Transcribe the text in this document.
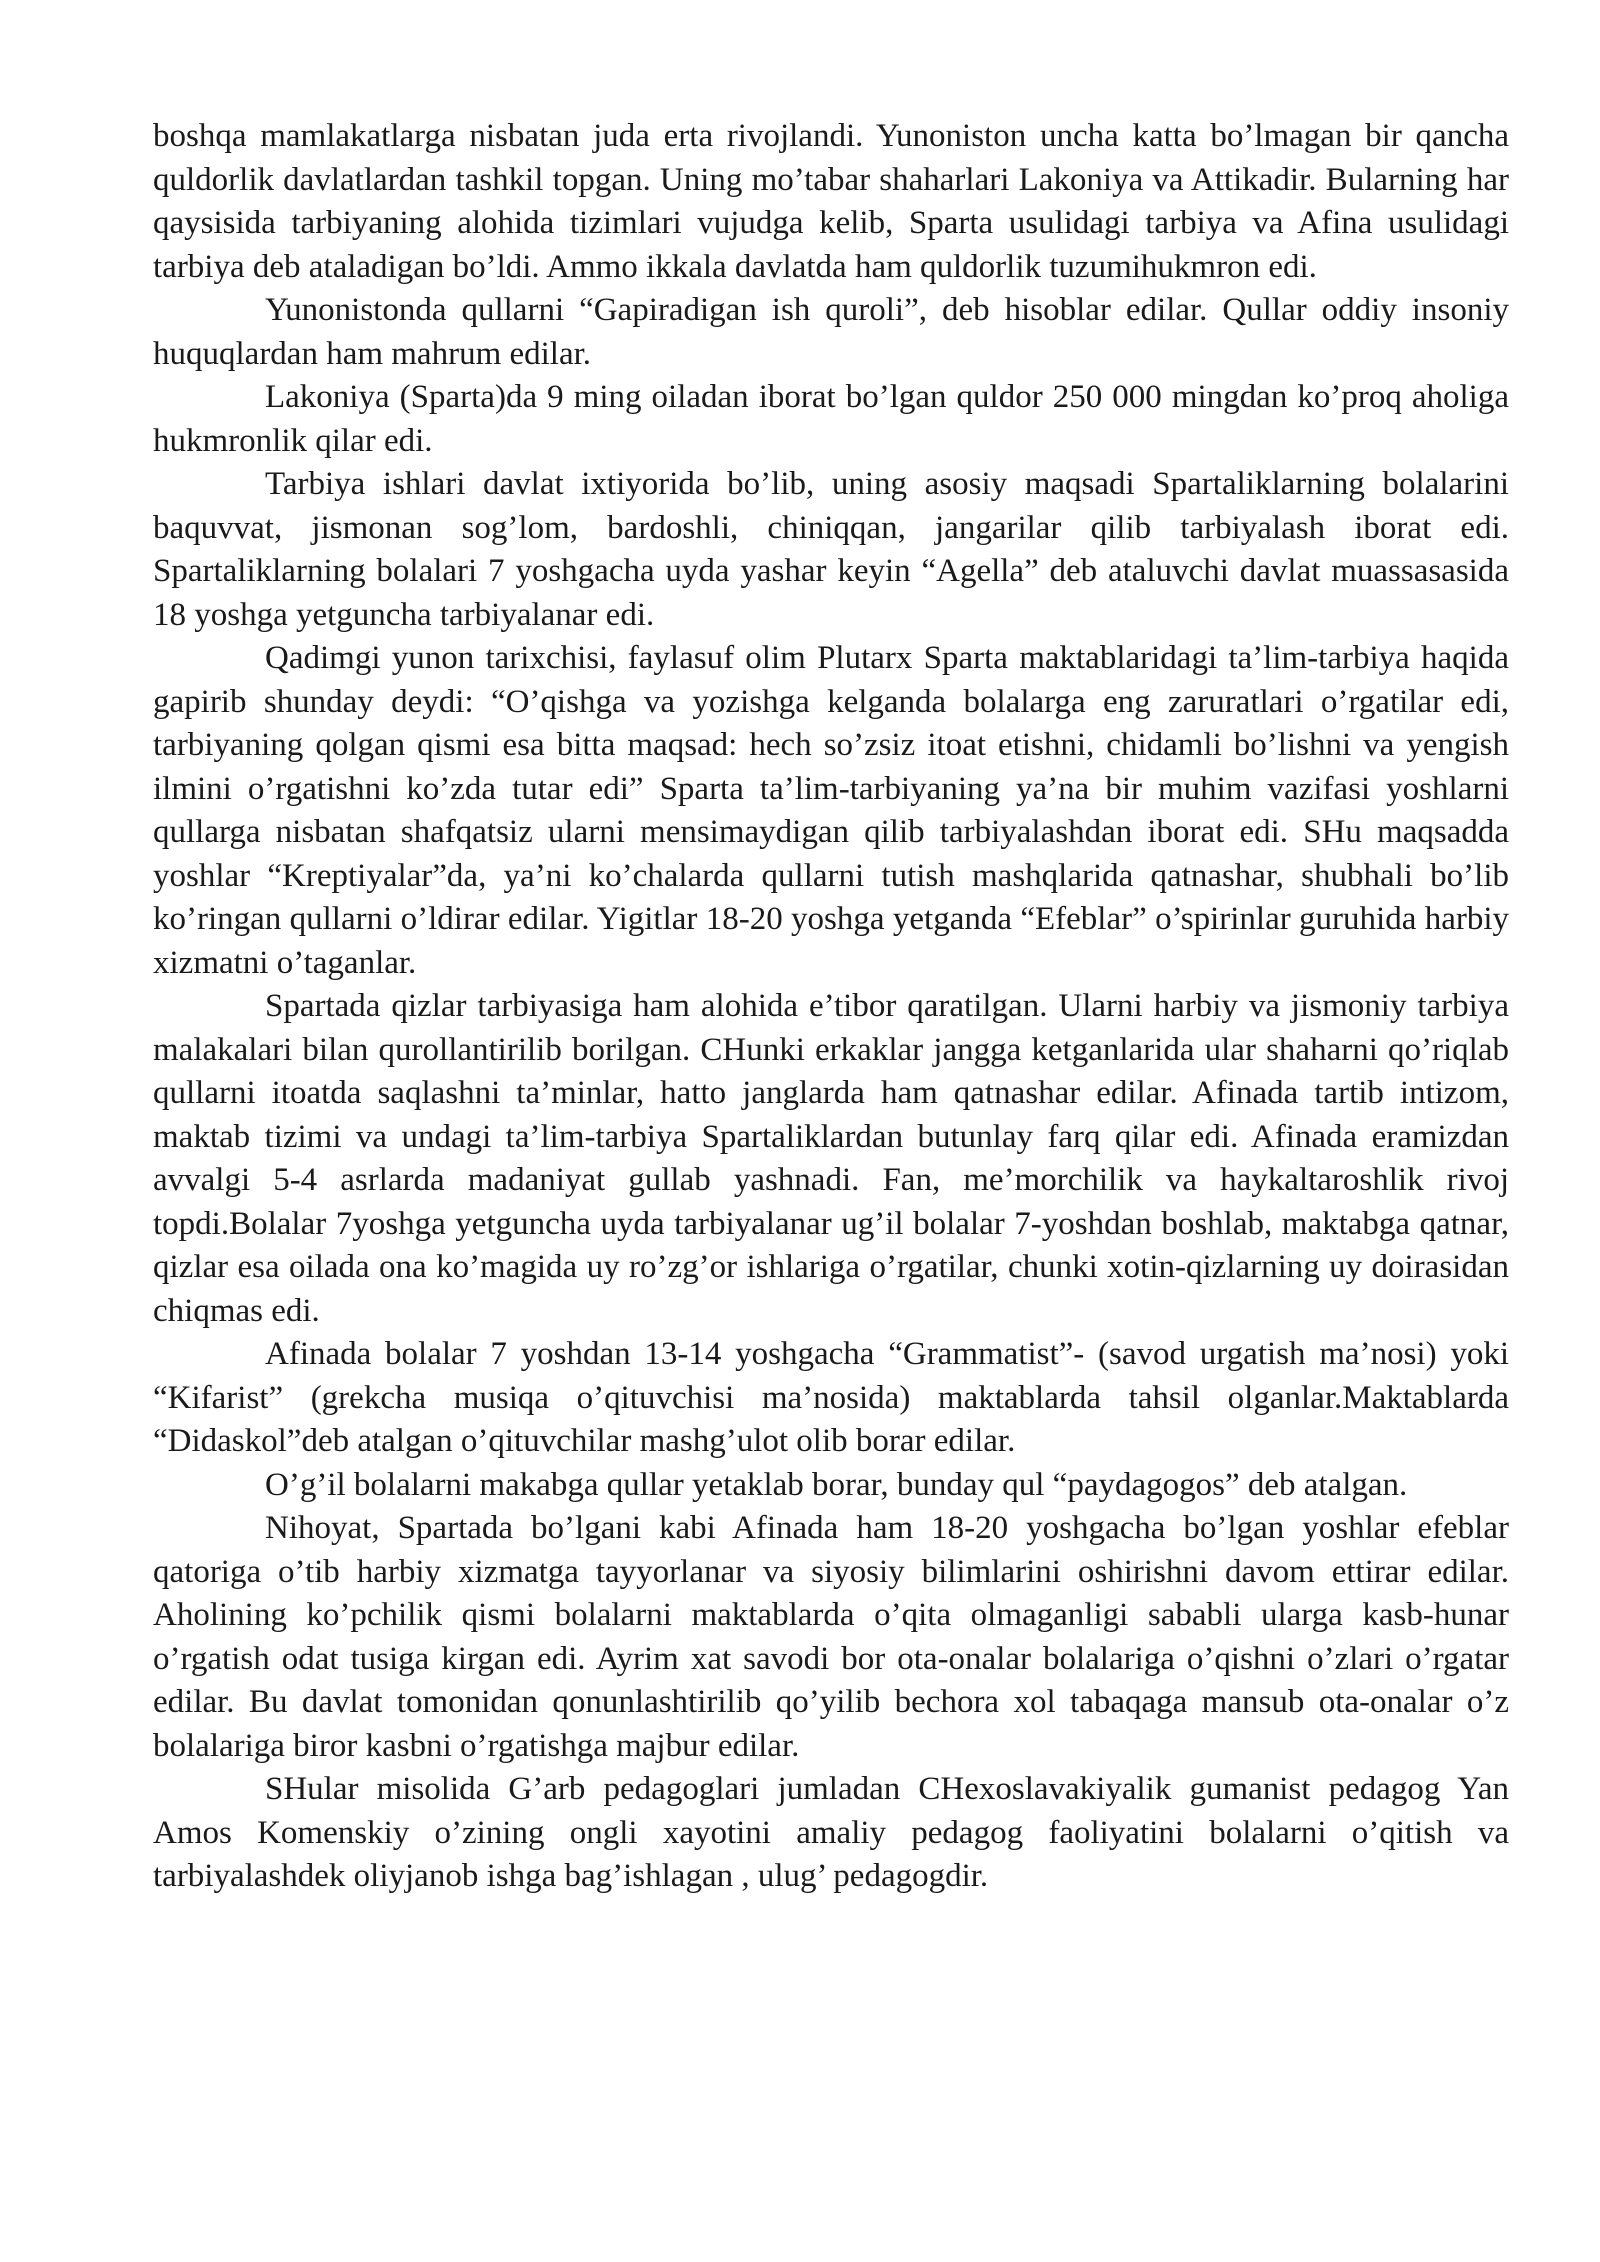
boshqa mamlakatlarga nisbatan juda erta rivojlandi. Yunoniston uncha katta bo’lmagan bir qancha quldorlik davlatlardan tashkil topgan. Uning mo’tabar shaharlari Lakoniya va Attikadir. Bularning har qaysisida tarbiyaning alohida tizimlari vujudga kelib, Sparta usulidagi tarbiya va Afina usulidagi tarbiya deb ataladigan bo’ldi. Ammo ikkala davlatda ham quldorlik tuzumihukmron edi.

Yunonistonda qullarni “Gapiradigan ish quroli”, deb hisoblar edilar. Qullar oddiy insoniy huquqlardan ham mahrum edilar.

Lakoniya (Sparta)da 9 ming oiladan iborat bo’lgan quldor 250 000 mingdan ko’proq aholiga hukmronlik qilar edi.

Tarbiya ishlari davlat ixtiyorida bo’lib, uning asosiy maqsadi Spartaliklarning bolalarini baquvvat, jismonan sog’lom, bardoshli, chiniqqan, jangarilar qilib tarbiyalash iborat edi. Spartaliklarning bolalari 7 yoshgacha uyda yashar keyin “Agella” deb ataluvchi davlat muassasasida 18 yoshga yetguncha tarbiyalanar edi.

Qadimgi yunon tarixchisi, faylasuf olim Plutarx Sparta maktablaridagi ta’lim-tarbiya haqida gapirib shunday deydi: “O’qishga va yozishga kelganda bolalarga eng zaruratlari o’rgatilar edi, tarbiyaning qolgan qismi esa bitta maqsad: hech so’zsiz itoat etishni, chidamli bo’lishni va yengish ilmini o’rgatishni ko’zda tutar edi” Sparta ta’lim-tarbiyaning ya’na bir muhim vazifasi yoshlarni qullarga nisbatan shafqatsiz ularni mensimaydigan qilib tarbiyalashdan iborat edi. SHu maqsadda yoshlar “Kreptiyalar”da, ya’ni ko’chalarda qullarni tutish mashqlarida qatnashar, shubhali bo’lib ko’ringan qullarni o’ldirar edilar. Yigitlar 18-20 yoshga yetganda “Efeblar” o’spirinlar guruhida harbiy xizmatni o’taganlar.

Spartada qizlar tarbiyasiga ham alohida e’tibor qaratilgan. Ularni harbiy va jismoniy tarbiya malakalari bilan qurollantirilib borilgan. CHunki erkaklar jangga ketganlarida ular shaharni qo’riqlab qullarni itoatda saqlashni ta’minlar, hatto janglarda ham qatnashar edilar. Afinada tartib intizom, maktab tizimi va undagi ta’lim-tarbiya Spartaliklardan butunlay farq qilar edi. Afinada eramizdan avvalgi 5-4 asrlarda madaniyat gullab yashnadi. Fan, me’morchilik va haykaltaroshlik rivoj topdi.Bolalar 7yoshga yetguncha uyda tarbiyalanar ug’il bolalar 7-yoshdan boshlab, maktabga qatnar, qizlar esa oilada ona ko’magida uy ro’zg’or ishlariga o’rgatilar, chunki xotin-qizlarning uy doirasidan chiqmas edi.

Afinada bolalar 7 yoshdan 13-14 yoshgacha “Grammatist”- (savod urgatish ma’nosi) yoki “Kifarist” (grekcha musiqa o’qituvchisi ma’nosida) maktablarda tahsil olganlar.Maktablarda “Didaskol”deb atalgan o’qituvchilar mashg’ulot olib borar edilar.

O’g’il bolalarni makabga qullar yetaklab borar, bunday qul “paydagogos” deb atalgan.

Nihoyat, Spartada bo’lgani kabi Afinada ham 18-20 yoshgacha bo’lgan yoshlar efeblar qatoriga o’tib harbiy xizmatga tayyorlanar va siyosiy bilimlarini oshirishni davom ettirar edilar. Aholining ko’pchilik qismi bolalarni maktablarda o’qita olmaganligi sababli ularga kasb-hunar o’rgatish odat tusiga kirgan edi. Ayrim xat savodi bor ota-onalar bolalariga o’qishni o’zlari o’rgatar edilar. Bu davlat tomonidan qonunlashtirilib qo’yilib bechora xol tabaqaga mansub ota-onalar o’z bolalariga biror kasbni o’rgatishga majbur edilar.

SHular misolida G’arb pedagoglari jumladan CHexoslavakiyalik gumanist pedagog Yan Amos Komenskiy o’zining ongli xayotini amaliy pedagog faoliyatini bolalarni o’qitish va tarbiyalashdek oliyjanob ishga bag’ishlagan , ulug’ pedagogdir.
